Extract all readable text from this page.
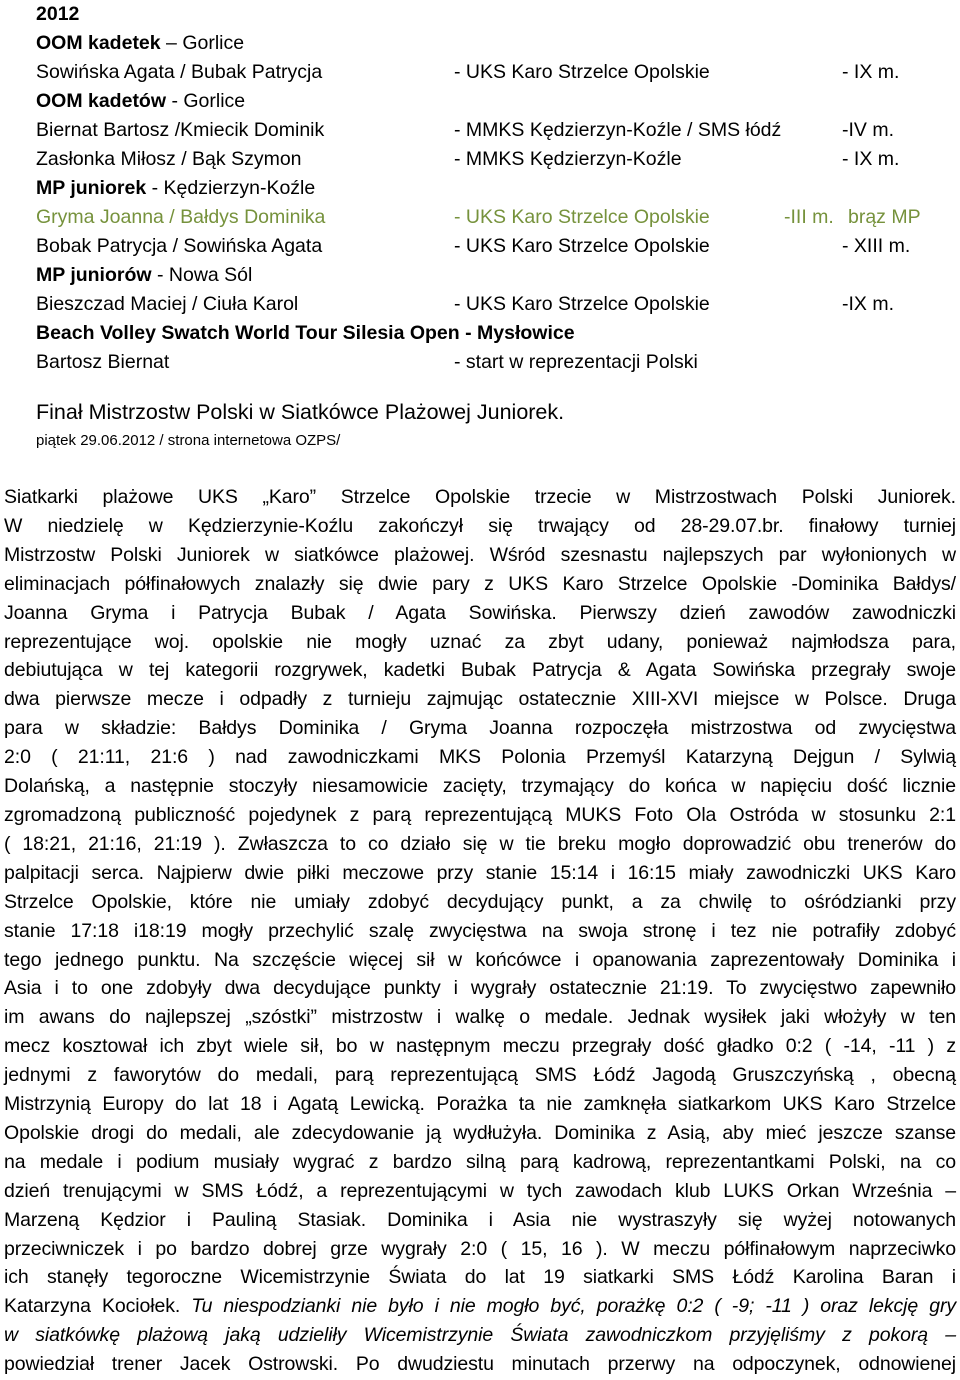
2012
OOM kadetek – Gorlice
Sowińska Agata / Bubak Patrycja	- UKS Karo Strzelce Opolskie	- IX m.
OOM kadetów - Gorlice
Biernat Bartosz /Kmiecik Dominik	- MMKS Kędzierzyn-Koźle / SMS łódź	-IV m.
Zasłonka Miłosz / Bąk Szymon	- MMKS Kędzierzyn-Koźle	- IX m.
MP juniorek - Kędzierzyn-Koźle
Gryma Joanna / Bałdys Dominika	- UKS Karo Strzelce Opolskie	-III m. brąz MP
Bobak Patrycja / Sowińska Agata	- UKS Karo Strzelce Opolskie	- XIII m.
MP juniorów - Nowa Sól
Bieszczad Maciej / Ciuła Karol	- UKS Karo Strzelce Opolskie	-IX m.
Beach Volley Swatch World Tour Silesia Open - Mysłowice
Bartosz Biernat	- start w reprezentacji Polski
Finał Mistrzostw Polski w Siatkówce Plażowej Juniorek.
piątek 29.06.2012 / strona internetowa OZPS/

Siatkarki plażowe UKS „Karo” Strzelce Opolskie trzecie w Mistrzostwach Polski Juniorek.

W niedzielę w Kędzierzynie-Koźlu zakończył się trwający od 28-29.07.br. finałowy turniej

Mistrzostw Polski Juniorek w siatkówce plażowej. Wśród szesnastu najlepszych par wyłonionych w

eliminacjach półfinałowych znalazły się dwie pary z UKS Karo Strzelce Opolskie -Dominika Bałdys/

Joanna Gryma i Patrycja Bubak / Agata Sowińska. Pierwszy dzień zawodów zawodniczki

reprezentujące woj. opolskie nie mogły uznać za zbyt udany, ponieważ najmłodsza para,

debiutująca w tej kategorii rozgrywek, kadetki Bubak Patrycja & Agata Sowińska przegrały swoje

dwa pierwsze mecze i odpadły z turnieju zajmując ostatecznie XIII-XVI miejsce w Polsce. Druga

para w składzie: Bałdys Dominika / Gryma Joanna rozpoczęła mistrzostwa od zwycięstwa

2:0 ( 21:11, 21:6 ) nad zawodniczkami MKS Polonia Przemyśl Katarzyną Dejgun / Sylwią

Dolańską, a następnie stoczyły niesamowicie zacięty, trzymający do końca w napięciu dość licznie

zgromadzoną publiczność pojedynek z parą reprezentującą MUKS Foto Ola Ostróda w stosunku 2:1

( 18:21, 21:16, 21:19 ). Zwłaszcza to co działo się w tie breku mogło doprowadzić obu trenerów do

palpitacji serca. Najpierw dwie piłki meczowe przy stanie 15:14 i 16:15 miały zawodniczki UKS Karo

Strzelce Opolskie, które nie umiały zdobyć decydujący punkt, a za chwilę to ośródzianki przy

stanie 17:18 i18:19 mogły przechylić szalę zwycięstwa na swoja stronę i tez nie potrafiły zdobyć

tego jednego punktu. Na szczęście więcej sił w końcówce i opanowania zaprezentowały Dominika i

Asia i to one zdobyły dwa decydujące punkty i wygrały ostatecznie 21:19. To zwycięstwo zapewniło

im awans do najlepszej „szóstki” mistrzostw i walkę o medale. Jednak wysiłek jaki włożyły w ten

mecz kosztował ich zbyt wiele sił, bo w następnym meczu przegrały dość gładko 0:2 ( -14, -11 ) z

jednymi z faworytów do medali, parą reprezentującą SMS Łódź Jagodą Gruszczyńską , obecną

Mistrzynią Europy do lat 18 i Agatą Lewicką. Porażka ta nie zamknęła siatkarkom UKS Karo Strzelce

Opolskie drogi do medali, ale zdecydowanie ją wydłużyła. Dominika z Asią, aby mieć jeszcze szanse

na medale i podium musiały wygrać z bardzo silną parą kadrową, reprezentantkami Polski, na co

dzień trenującymi w SMS Łódź, a reprezentującymi w tych zawodach klub LUKS Orkan Września –

Marzeną Kędzior i Pauliną Stasiak. Dominika i Asia nie wystraszyły się wyżej notowanych

przeciwniczek i po bardzo dobrej grze wygrały 2:0 ( 15, 16 ). W meczu półfinałowym naprzeciwko

ich stanęły tegoroczne Wicemistrzynie Świata do lat 19 siatkarki SMS Łódź Karolina Baran i

Katarzyna Kociołek. Tu niespodzianki nie było i nie mogło być, porażkę 0:2 ( -9; -11 ) oraz lekcję gry

w siatkówkę plażową jaką udzieliły Wicemistrzynie Świata zawodniczkom przyjęliśmy z pokorą –

powiedział trener Jacek Ostrowski. Po dwudziestu minutach przerwy na odpoczynek, odnowienej
